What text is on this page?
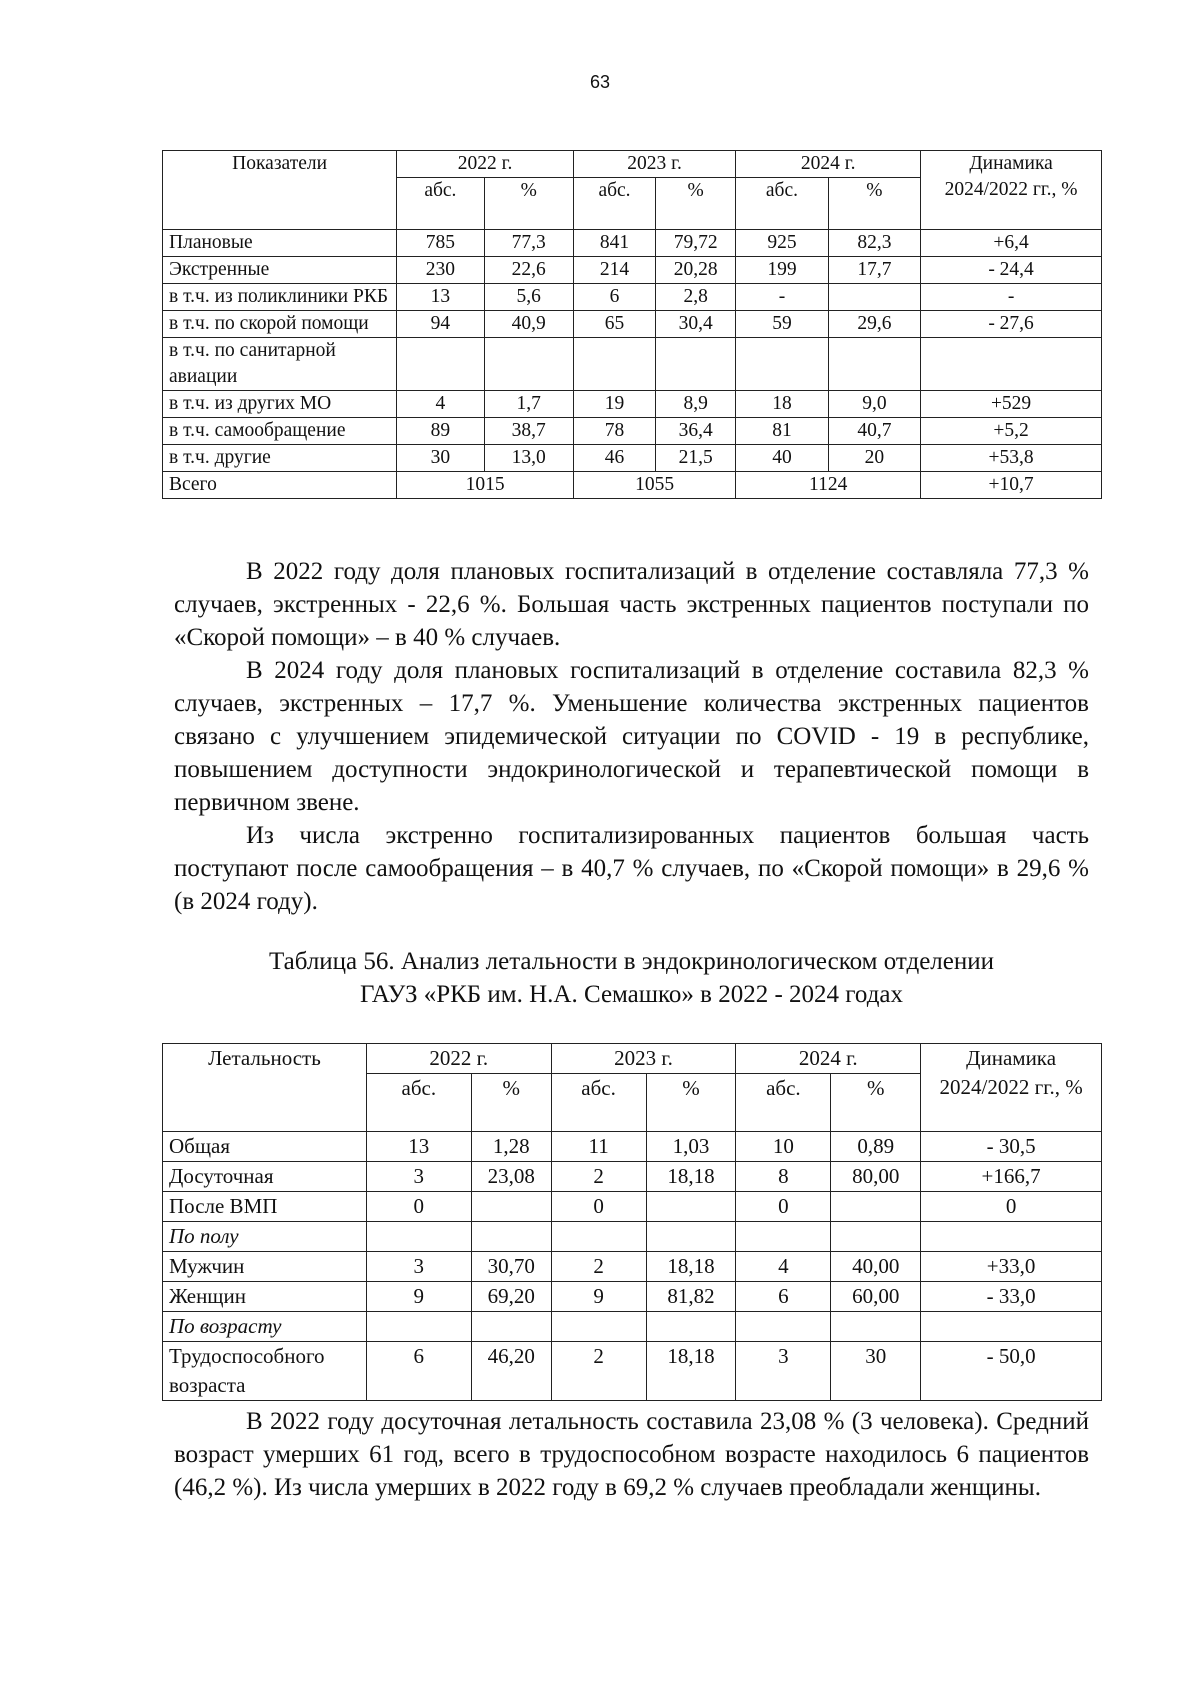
63
Показатели	2022 г.		2023 г.		2024 г.		Динамика 2024/2022 гг., %
	абс.	%	абс.	%	абс.	%	
Плановые	785	77,3	841	79,72	925	82,3	+6,4
Экстренные	230	22,6	214	20,28	199	17,7	- 24,4
в т.ч. из поликлиники РКБ	13	5,6	6	2,8	-		-
в т.ч. по скорой помощи	94	40,9	65	30,4	59	29,6	- 27,6
в т.ч. по санитарной авиации							
в т.ч. из других МО	4	1,7	19	8,9	18	9,0	+529
в т.ч. самообращение	89	38,7	78	36,4	81	40,7	+5,2
в т.ч. другие	30	13,0	46	21,5	40	20	+53,8
Всего	1015		1055		1124		+10,7

В 2022 году доля плановых госпитализаций в отделение составляла 77,3 % случаев, экстренных - 22,6 %. Большая часть экстренных пациентов поступали по «Скорой помощи» – в 40 % случаев.

В 2024 году доля плановых госпитализаций в отделение составила 82,3 % случаев, экстренных – 17,7 %. Уменьшение количества экстренных пациентов связано с улучшением эпидемической ситуации по COVID - 19 в республике, повышением доступности эндокринологической и терапевтической помощи в первичном звене.

Из числа экстренно госпитализированных пациентов большая часть поступают после самообращения – в 40,7 % случаев, по «Скорой помощи» в 29,6 % (в 2024 году).

Таблица 56. Анализ летальности в эндокринологическом отделении
ГАУЗ «РКБ им. Н.А. Семашко» в 2022 - 2024 годах

Летальность	2022 г.		2023 г.		2024 г.		Динамика 2024/2022 гг., %
	абс.	%	абс.	%	абс.	%	
Общая	13	1,28	11	1,03	10	0,89	- 30,5
Досуточная	3	23,08	2	18,18	8	80,00	+166,7
После ВМП	0		0		0		0
По полу							
Мужчин	3	30,70	2	18,18	4	40,00	+33,0
Женщин	9	69,20	9	81,82	6	60,00	- 33,0
По возрасту							
Трудоспособного возраста	6	46,20	2	18,18	3	30	- 50,0

В 2022 году досуточная летальность составила 23,08 % (3 человека). Средний возраст умерших 61 год, всего в трудоспособном возрасте находилось 6 пациентов (46,2 %). Из числа умерших в 2022 году в 69,2 % случаев преобладали женщины.
